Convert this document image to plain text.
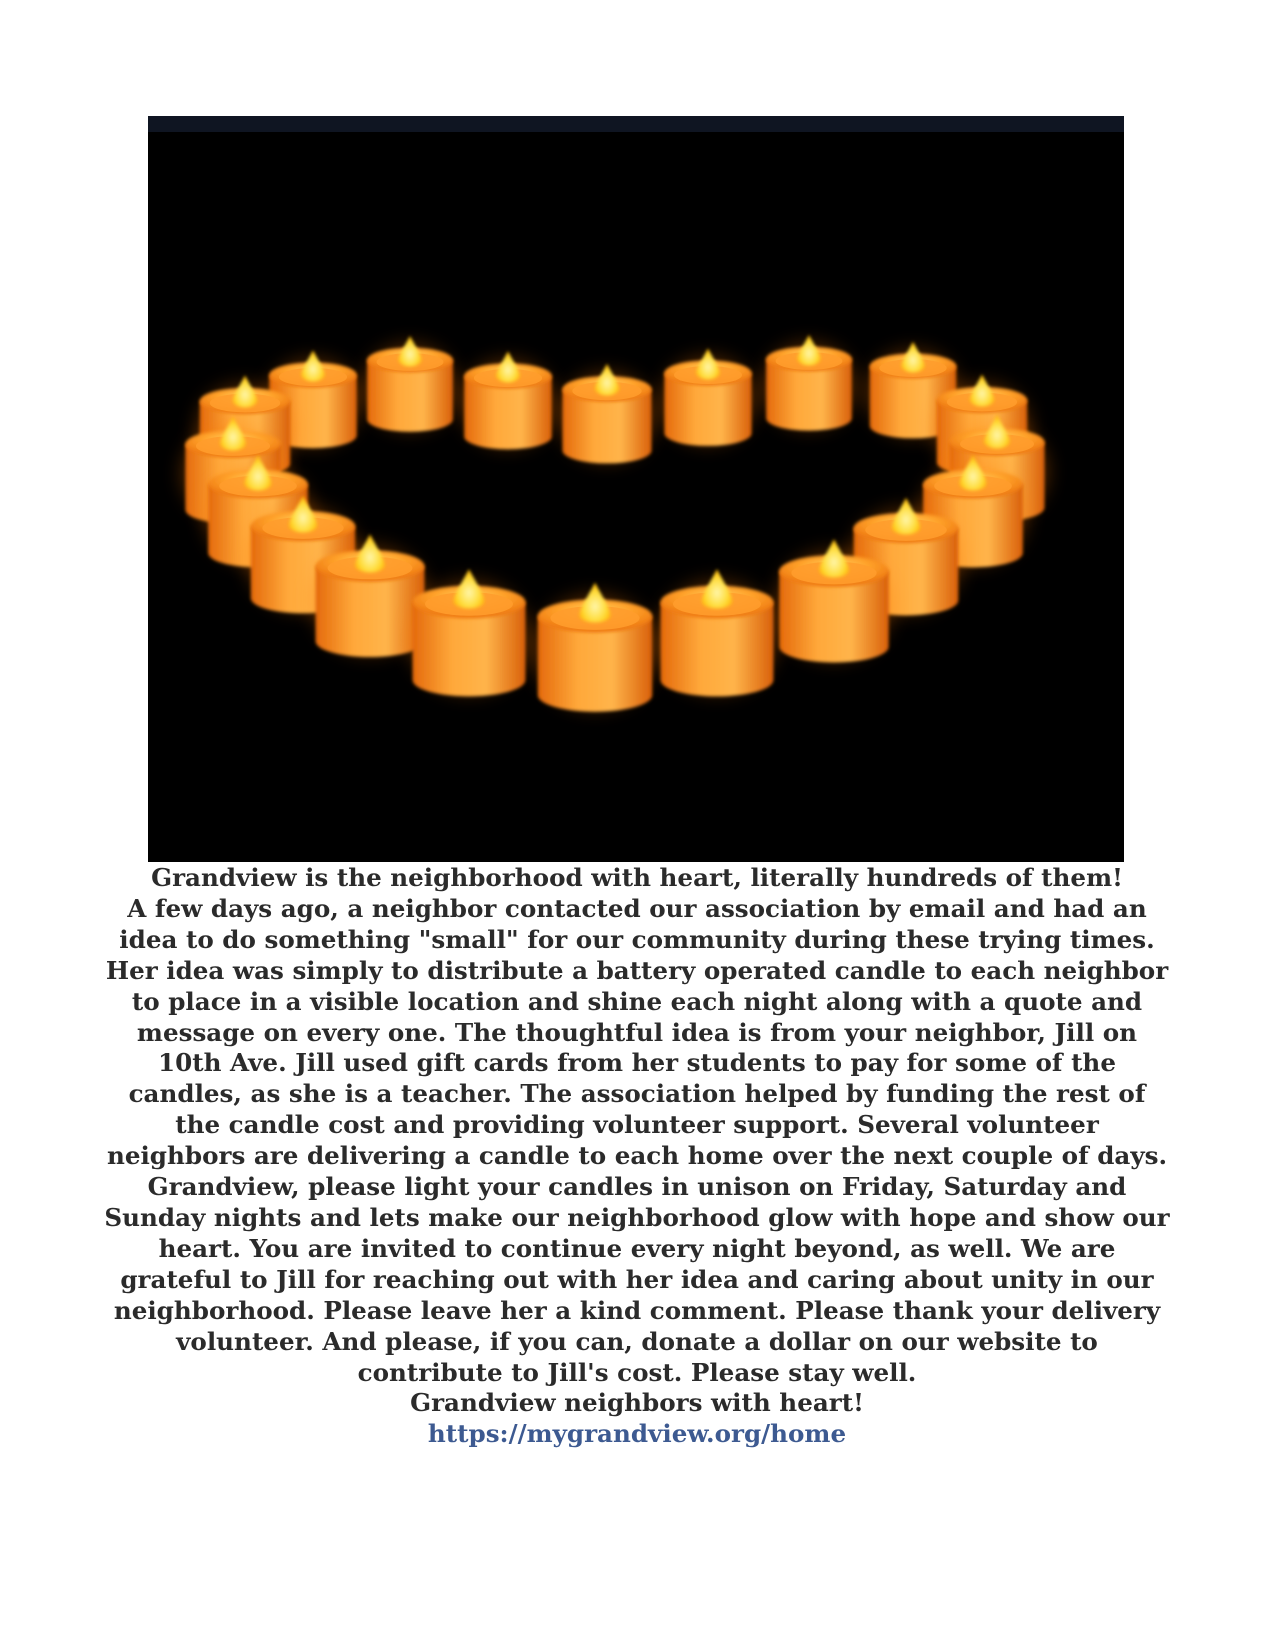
Grandview is the neighborhood with heart, literally hundreds of them!

A few days ago, a neighbor contacted our association by email and had an idea to do something "small" for our community during these trying times. Her idea was simply to distribute a battery operated candle to each neighbor to place in a visible location and shine each night along with a quote and message on every one. The thoughtful idea is from your neighbor, Jill on 10th Ave. Jill used gift cards from her students to pay for some of the candles, as she is a teacher. The association helped by funding the rest of the candle cost and providing volunteer support. Several volunteer neighbors are delivering a candle to each home over the next couple of days.

Grandview, please light your candles in unison on Friday, Saturday and Sunday nights and lets make our neighborhood glow with hope and show our heart. You are invited to continue every night beyond, as well. We are grateful to Jill for reaching out with her idea and caring about unity in our neighborhood. Please leave her a kind comment. Please thank your delivery volunteer. And please, if you can, donate a dollar on our website to contribute to Jill's cost. Please stay well.

Grandview neighbors with heart!

https://mygrandview.org/home
